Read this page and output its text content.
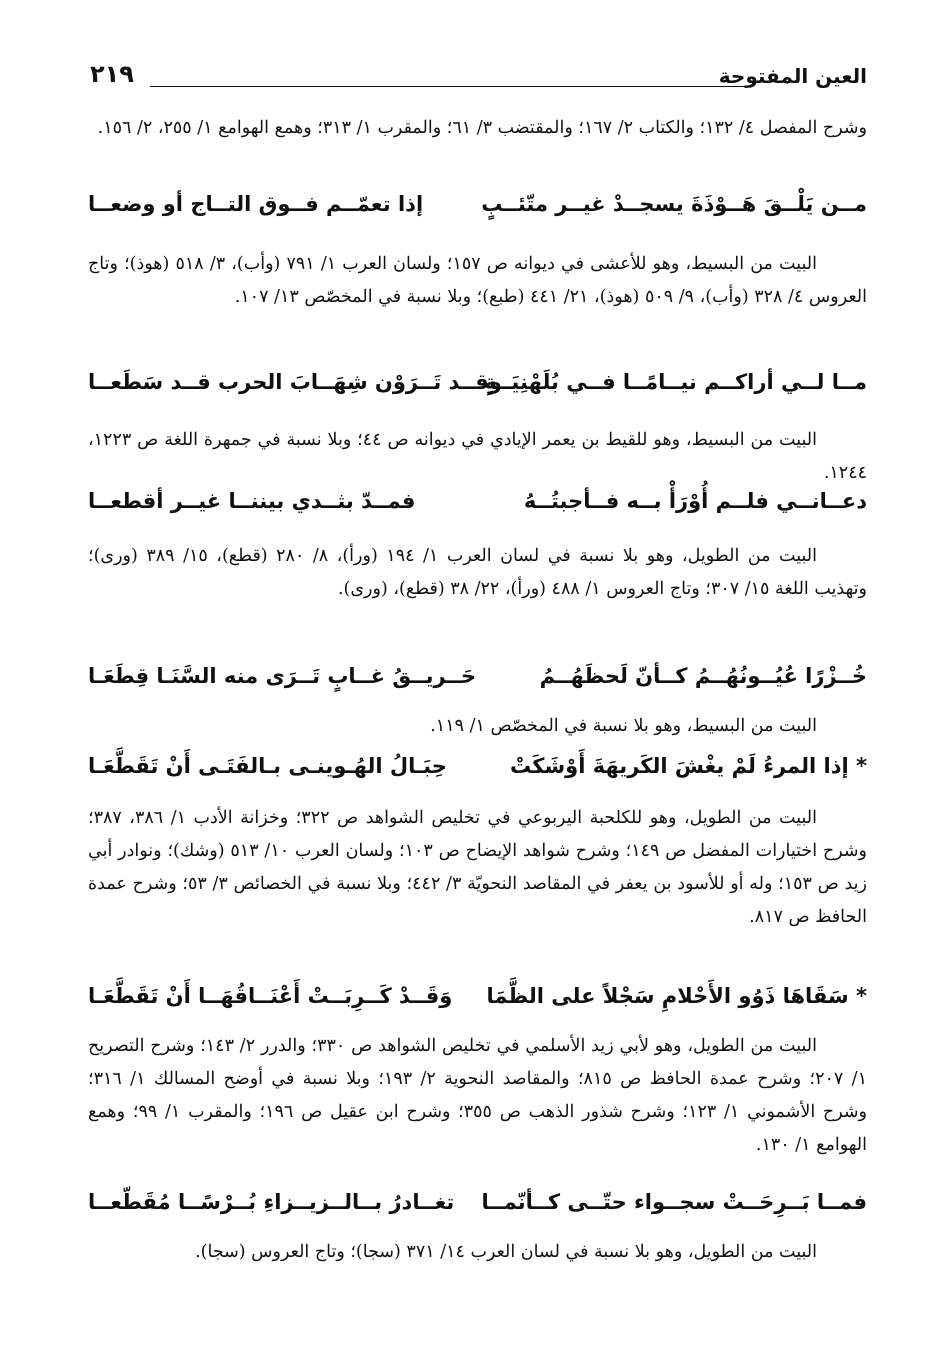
العين المفتوحة
٢١٩
وشرح المفصل ٤/ ١٣٢؛ والكتاب ٢/ ١٦٧؛ والمقتضب ٣/ ٦١؛ والمقرب ١/ ٣١٣؛ وهمع الهوامع ١/ ٢٥٥، ٢/ ١٥٦.
مــن يَلْــقَ هَــوْذَةَ يسجــدْ غيــر متّئــبٍ
إذا تعمّــم فــوق التــاج أو وضعــا
البيت من البسيط، وهو للأعشى في ديوانه ص ١٥٧؛ ولسان العرب ١/ ٧٩١ (وأب)، ٣/ ٥١٨ (هوذ)؛ وتاج العروس ٤/ ٣٢٨ (وأب)، ٩/ ٥٠٩ (هوذ)، ٢١/ ٤٤١ (طبع)؛ وبلا نسبة في المخصّص ١٣/ ١٠٧.
مــا لــي أراكــم نيــامًــا فــي بُلَهْنِيَــةٍ
وقــد تَــرَوْن شِهَــابَ الحرب قــد سَطَعــا
البيت من البسيط، وهو للقيط بن يعمر الإيادي في ديوانه ص ٤٤؛ وبلا نسبة في جمهرة اللغة ص ١٢٢٣، ١٢٤٤.
دعــانــي فلــم أُوْرَأْ بــه فــأجبتُــهُ
فمــدّ بثــدي بيننــا غيــر أقطعــا
البيت من الطويل، وهو بلا نسبة في لسان العرب ١/ ١٩٤ (ورأ)، ٨/ ٢٨٠ (قطع)، ١٥/ ٣٨٩ (ورى)؛ وتهذيب اللغة ١٥/ ٣٠٧؛ وتاج العروس ١/ ٤٨٨ (ورأ)، ٢٢/ ٣٨ (قطع)، (ورى).
خُــزْرًا عُيُــونُهُــمُ كــأنّ لَحظَهُــمُ
حَــريــقُ غــابٍ تَــرَى منه السَّنَـا قِطَعَـا
البيت من البسيط، وهو بلا نسبة في المخصّص ١/ ١١٩.
* إذا المرءُ لَمْ يغْشَ الكَريهَةَ أَوْشَكَتْ
حِبَـالُ الهُـوينـى بـالفَتَـى أَنْ تَقَطَّعَـا
البيت من الطويل، وهو للكلحبة اليربوعي في تخليص الشواهد ص ٣٢٢؛ وخزانة الأدب ١/ ٣٨٦، ٣٨٧؛ وشرح اختيارات المفضل ص ١٤٩؛ وشرح شواهد الإيضاح ص ١٠٣؛ ولسان العرب ١٠/ ٥١٣ (وشك)؛ ونوادر أبي زيد ص ١٥٣؛ وله أو للأسود بن يعفر في المقاصد النحويّة ٣/ ٤٤٢؛ وبلا نسبة في الخصائص ٣/ ٥٣؛ وشرح عمدة الحافظ ص ٨١٧.
* سَقَاهَا ذَوُو الأَحْلامِ سَجْلاً على الظَّمَا
وَقَــدْ كَــرِبَــتْ أَعْنَــاقُهَــا أَنْ تَقَطَّعَـا
البيت من الطويل، وهو لأبي زيد الأسلمي في تخليص الشواهد ص ٣٣٠؛ والدرر ٢/ ١٤٣؛ وشرح التصريح ١/ ٢٠٧؛ وشرح عمدة الحافظ ص ٨١٥؛ والمقاصد النحوية ٢/ ١٩٣؛ وبلا نسبة في أوضح المسالك ١/ ٣١٦؛ وشرح الأشموني ١/ ١٢٣؛ وشرح شذور الذهب ص ٣٥٥؛ وشرح ابن عقيل ص ١٩٦؛ والمقرب ١/ ٩٩؛ وهمع الهوامع ١/ ١٣٠.
فمــا بَــرِحَــتْ سجــواء حتّــى كــأنّمــا
تغــادرُ بــالــزيــزاءِ بُــرْسًــا مُقَطّعــا
البيت من الطويل، وهو بلا نسبة في لسان العرب ١٤/ ٣٧١ (سجا)؛ وتاج العروس (سجا).
